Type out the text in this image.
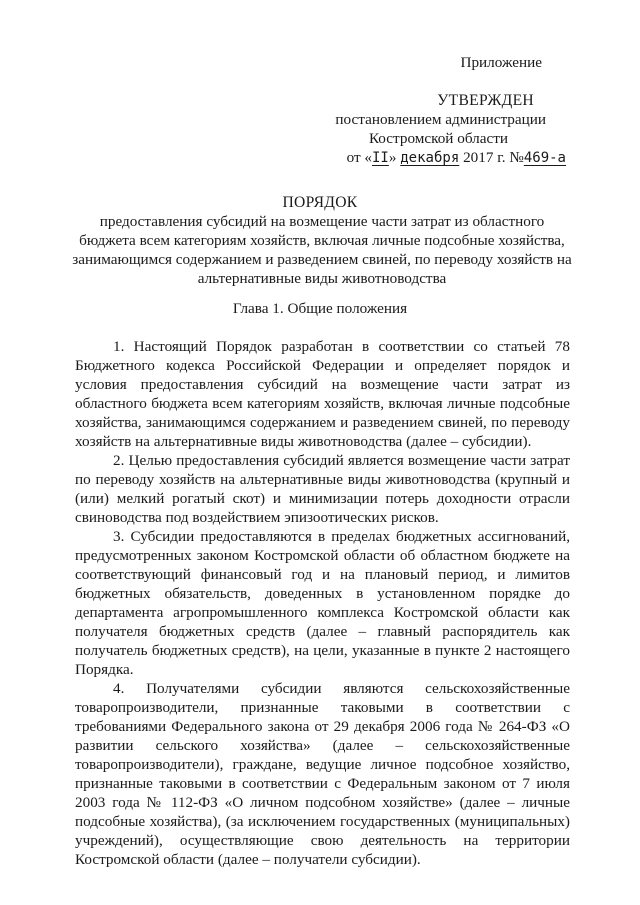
Приложение
УТВЕРЖДЕН
постановлением администрации
Костромской области
от «II» декабря 2017 г. №469-а
ПОРЯДОК
предоставления субсидий на возмещение части затрат из областного бюджета всем категориям хозяйств, включая личные подсобные хозяйства, занимающимся содержанием и разведением свиней, по переводу хозяйств на альтернативные виды животноводства
Глава 1. Общие положения

1. Настоящий Порядок разработан в соответствии со статьей 78 Бюджетного кодекса Российской Федерации и определяет порядок и условия предоставления субсидий на возмещение части затрат из областного бюджета всем категориям хозяйств, включая личные подсобные хозяйства, занимающимся содержанием и разведением свиней, по переводу хозяйств на альтернативные виды животноводства (далее – субсидии).

2. Целью предоставления субсидий является возмещение части затрат по переводу хозяйств на альтернативные виды животноводства (крупный и (или) мелкий рогатый скот) и минимизации потерь доходности отрасли свиноводства под воздействием эпизоотических рисков.

3. Субсидии предоставляются в пределах бюджетных ассигнований, предусмотренных законом Костромской области об областном бюджете на соответствующий финансовый год и на плановый период, и лимитов бюджетных обязательств, доведенных в установленном порядке до департамента агропромышленного комплекса Костромской области как получателя бюджетных средств (далее – главный распорядитель как получатель бюджетных средств), на цели, указанные в пункте 2 настоящего Порядка.

4. Получателями субсидии являются сельскохозяйственные товаропроизводители, признанные таковыми в соответствии с требованиями Федерального закона от 29 декабря 2006 года № 264-ФЗ «О развитии сельского хозяйства» (далее – сельскохозяйственные товаропроизводители), граждане, ведущие личное подсобное хозяйство, признанные таковыми в соответствии с Федеральным законом от 7 июля 2003 года № 112-ФЗ «О личном подсобном хозяйстве» (далее – личные подсобные хозяйства), (за исключением государственных (муниципальных) учреждений), осуществляющие свою деятельность на территории Костромской области (далее – получатели субсидии).
